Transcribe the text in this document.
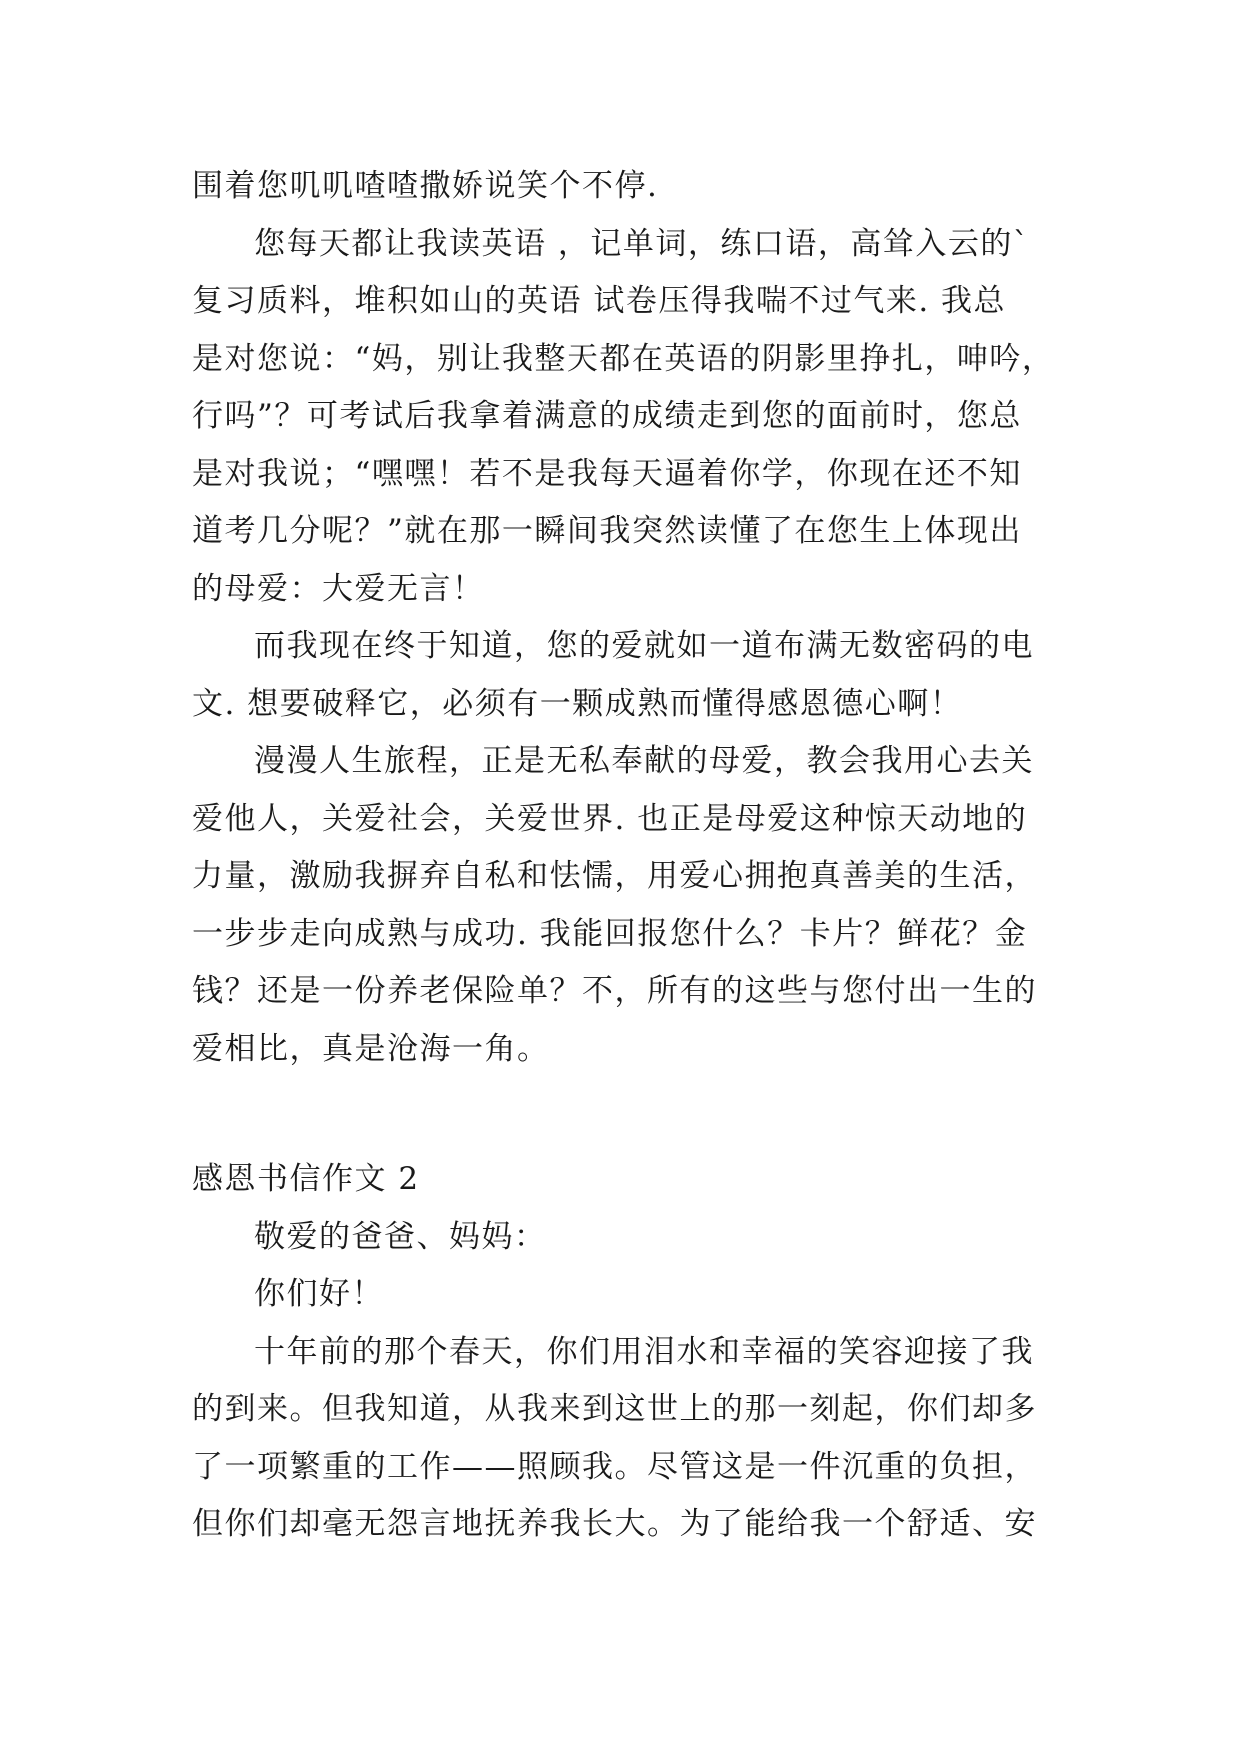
围着您叽叽喳喳撒娇说笑个不停.
您每天都让我读英语 ，记单词，练口语，高耸入云的`
复习质料，堆积如山的英语 试卷压得我喘不过气来. 我总
是对您说：“妈，别让我整天都在英语的阴影里挣扎，呻吟，
行吗”？可考试后我拿着满意的成绩走到您的面前时，您总
是对我说；“嘿嘿！若不是我每天逼着你学，你现在还不知
道考几分呢？”就在那一瞬间我突然读懂了在您生上体现出
的母爱：大爱无言！
而我现在终于知道，您的爱就如一道布满无数密码的电
文. 想要破释它，必须有一颗成熟而懂得感恩德心啊！
漫漫人生旅程，正是无私奉献的母爱，教会我用心去关
爱他人，关爱社会，关爱世界. 也正是母爱这种惊天动地的
力量，激励我摒弃自私和怯懦，用爱心拥抱真善美的生活，
一步步走向成熟与成功. 我能回报您什么？卡片？鲜花？金
钱？还是一份养老保险单？不，所有的这些与您付出一生的
爱相比，真是沧海一角。
感恩书信作文 2
敬爱的爸爸、妈妈：
你们好！
十年前的那个春天，你们用泪水和幸福的笑容迎接了我
的到来。但我知道，从我来到这世上的那一刻起，你们却多
了一项繁重的工作——照顾我。尽管这是一件沉重的负担，
但你们却毫无怨言地抚养我长大。为了能给我一个舒适、安
